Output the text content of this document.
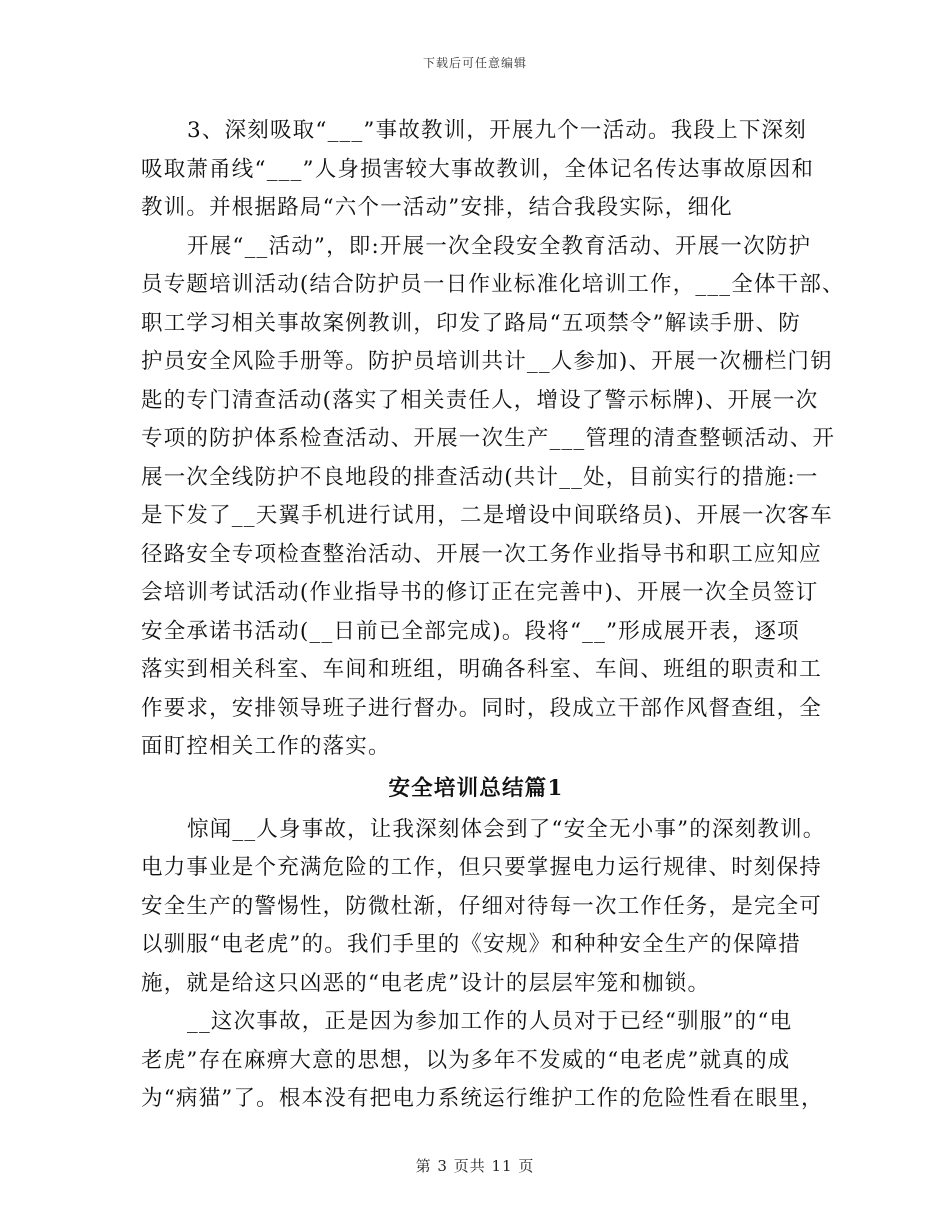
下载后可任意编辑
3、深刻吸取“___”事故教训，开展九个一活动。我段上下深刻
吸取萧甬线“___”人身损害较大事故教训，全体记名传达事故原因和
教训。并根据路局“六个一活动”安排，结合我段实际，细化
开展“__活动”，即:开展一次全段安全教育活动、开展一次防护
员专题培训活动(结合防护员一日作业标准化培训工作，___全体干部、
职工学习相关事故案例教训，印发了路局“五项禁令”解读手册、防
护员安全风险手册等。防护员培训共计__人参加)、开展一次栅栏门钥
匙的专门清查活动(落实了相关责任人，增设了警示标牌)、开展一次
专项的防护体系检查活动、开展一次生产___管理的清查整顿活动、开
展一次全线防护不良地段的排查活动(共计__处，目前实行的措施:一
是下发了__天翼手机进行试用，二是增设中间联络员)、开展一次客车
径路安全专项检查整治活动、开展一次工务作业指导书和职工应知应
会培训考试活动(作业指导书的修订正在完善中)、开展一次全员签订
安全承诺书活动(__日前已全部完成)。段将“__”形成展开表，逐项
落实到相关科室、车间和班组，明确各科室、车间、班组的职责和工
作要求，安排领导班子进行督办。同时，段成立干部作风督查组，全
面盯控相关工作的落实。
安全培训总结篇1
惊闻__人身事故，让我深刻体会到了“安全无小事”的深刻教训。
电力事业是个充满危险的工作，但只要掌握电力运行规律、时刻保持
安全生产的警惕性，防微杜渐，仔细对待每一次工作任务，是完全可
以驯服“电老虎”的。我们手里的《安规》和种种安全生产的保障措
施，就是给这只凶恶的“电老虎”设计的层层牢笼和枷锁。
__这次事故，正是因为参加工作的人员对于已经“驯服”的“电
老虎”存在麻痹大意的思想，以为多年不发威的“电老虎”就真的成
为“病猫”了。根本没有把电力系统运行维护工作的危险性看在眼里，
第 3 页共 11 页
